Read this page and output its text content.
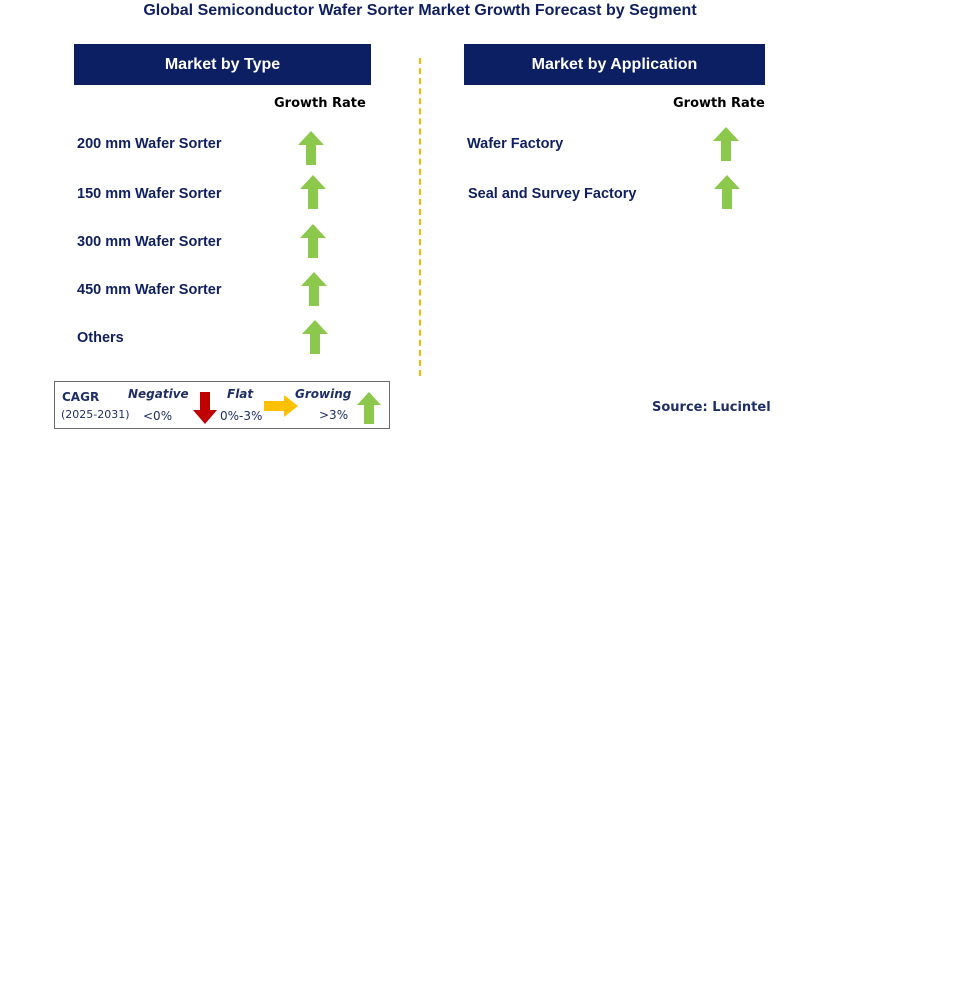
Global Semiconductor Wafer Sorter Market Growth Forecast by Segment
Market by Type
Growth Rate
200 mm Wafer Sorter
150 mm Wafer Sorter
300 mm Wafer Sorter
450 mm Wafer Sorter
Others
Market by Application
Growth Rate
Wafer Factory
Seal and Survey Factory
CAGR
(2025-2031)
Negative
<0%
Flat
0%-3%
Growing
>3%	Source: Lucintel
